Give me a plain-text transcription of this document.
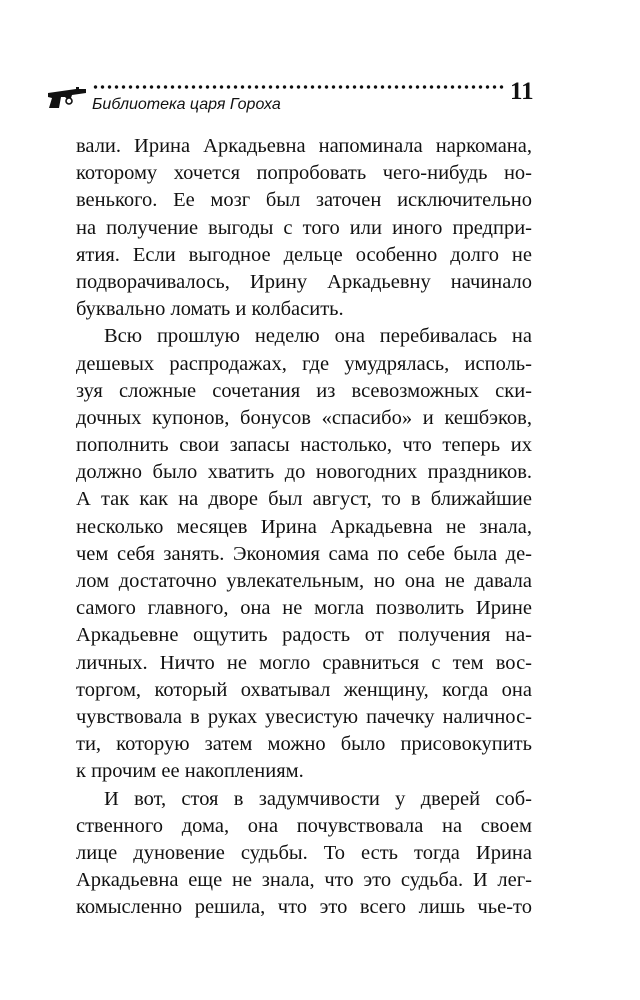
Библиотека царя Гороха	11
вали. Ирина Аркадьевна напоминала наркомана,
которому хочется попробовать чего-нибудь но-
венького. Ее мозг был заточен исключительно
на получение выгоды с того или иного предпри-
ятия. Если выгодное дельце особенно долго не
подворачивалось, Ирину Аркадьевну начинало
буквально ломать и колбасить.
Всю прошлую неделю она перебивалась на
дешевых распродажах, где умудрялась, исполь-
зуя сложные сочетания из всевозможных ски-
дочных купонов, бонусов «спасибо» и кешбэков,
пополнить свои запасы настолько, что теперь их
должно было хватить до новогодних праздников.
А так как на дворе был август, то в ближайшие
несколько месяцев Ирина Аркадьевна не знала,
чем себя занять. Экономия сама по себе была де-
лом достаточно увлекательным, но она не давала
самого главного, она не могла позволить Ирине
Аркадьевне ощутить радость от получения на-
личных. Ничто не могло сравниться с тем вос-
торгом, который охватывал женщину, когда она
чувствовала в руках увесистую пачечку наличнос-
ти, которую затем можно было присовокупить
к прочим ее накоплениям.
И вот, стоя в задумчивости у дверей соб-
ственного дома, она почувствовала на своем
лице дуновение судьбы. То есть тогда Ирина
Аркадьевна еще не знала, что это судьба. И лег-
комысленно решила, что это всего лишь чье-то
